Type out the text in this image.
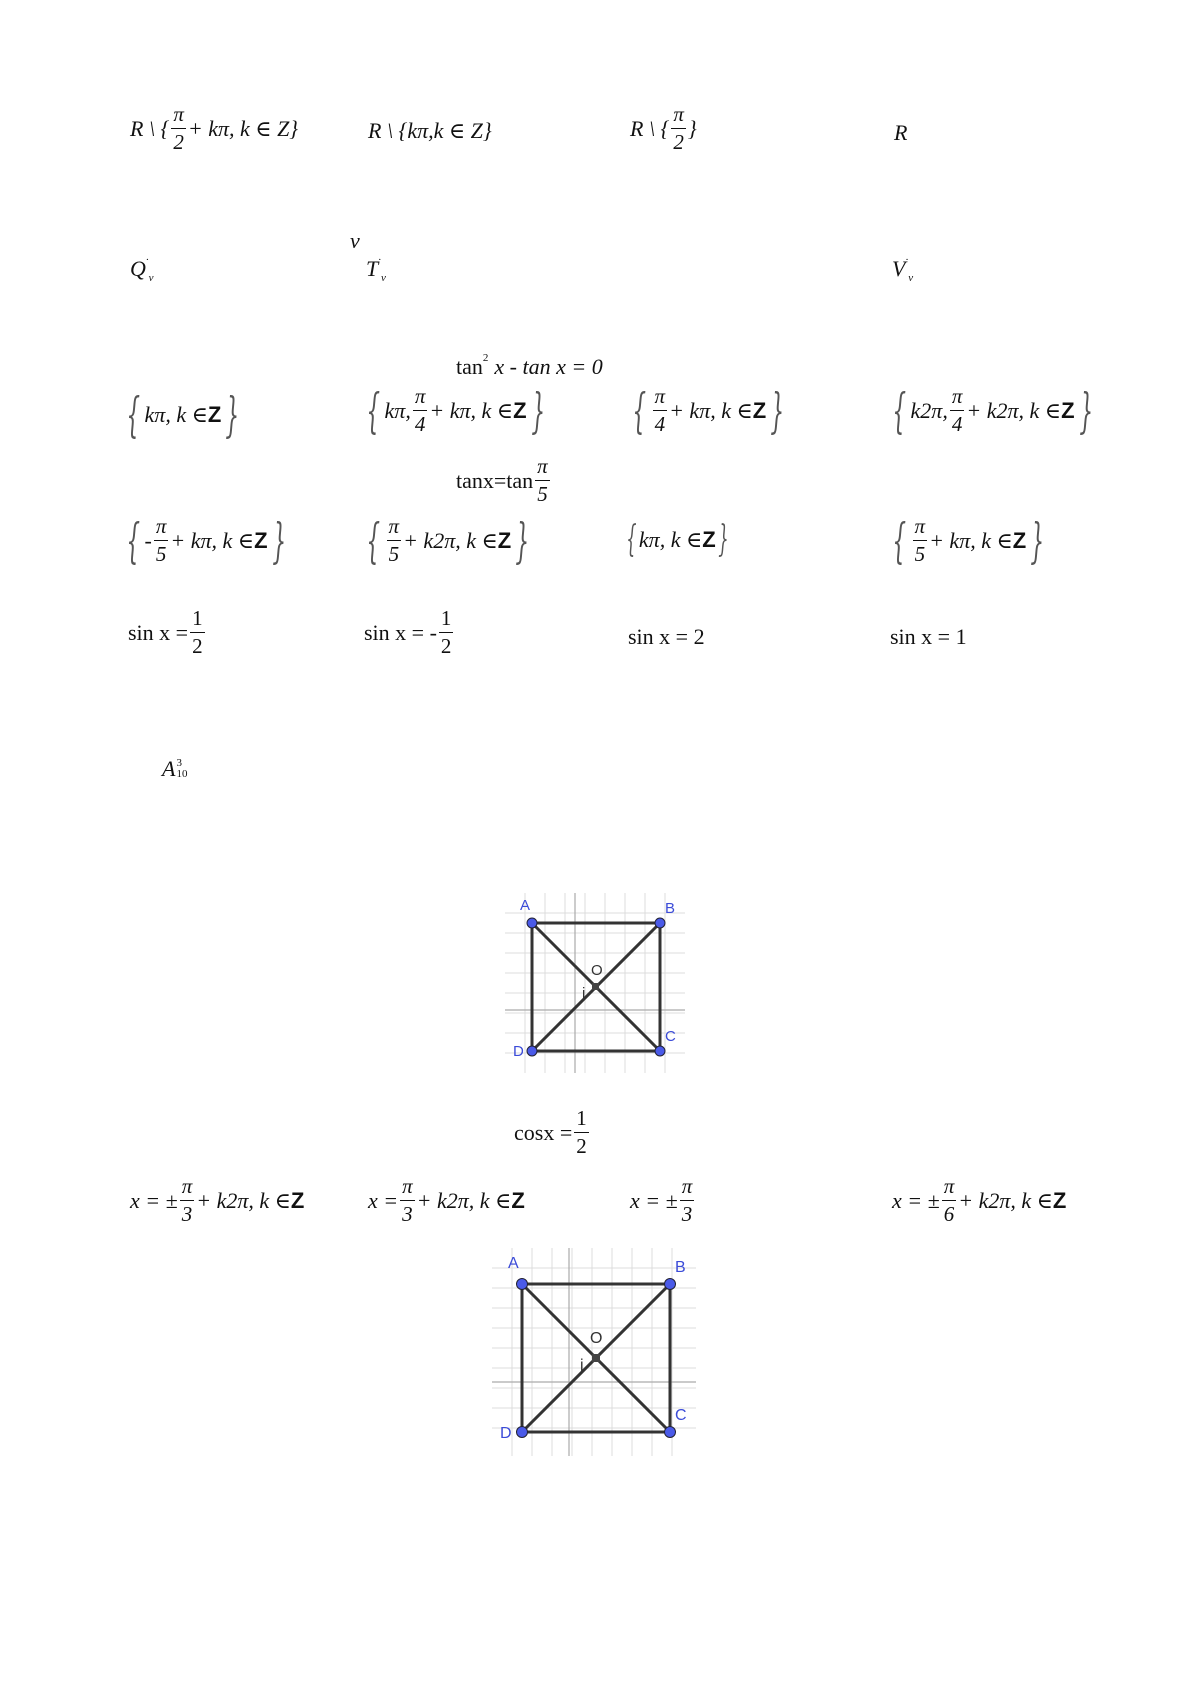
R \ { $\frac{\pi}{2} + k\pi$, k ∈ Z}	R \ {kπ,k ∈ Z}	R \ { $\frac{\pi}{2}$ }	R
v
Q ·
v	T ·
v	V ·
v
tan 2 x - tan x = 0
{ kπ, k ∈ Z }	{ kπ, $\frac{\pi}{4} + k\pi$, k ∈ Z } { $\frac{\pi}{4} + k\pi$, k ∈ Z } { k2π, $\frac{\pi}{4} + k2\pi$, k ∈ Z }
$\tan x=\tan \frac{\pi}{5}$
{ - $\frac{\pi}{5} + k\pi$, k ∈ Z } { $\frac{\pi}{5} + k2\pi$, k ∈ Z }	{ kπ, k ∈ Z }	{ $\frac{\pi}{5} + k\pi$, k ∈ Z }
$\sin x = \frac{1}{2}$	sin x = - $\frac{1}{2}$	sin x = 2	sin x = 1
A 3
10
A	B
C
D
O
j
$\cos x = \frac{1}{2}$
x = ± $\frac{\pi}{3} + k2\pi$, k ∈ Z	$x = \frac{\pi}{3} + k2\pi$, k ∈ Z	x = ± $\frac{\pi}{3}$	x = ± $\frac{\pi}{6} + k2\pi$, k ∈ Z
A	B
C
D
O
j
